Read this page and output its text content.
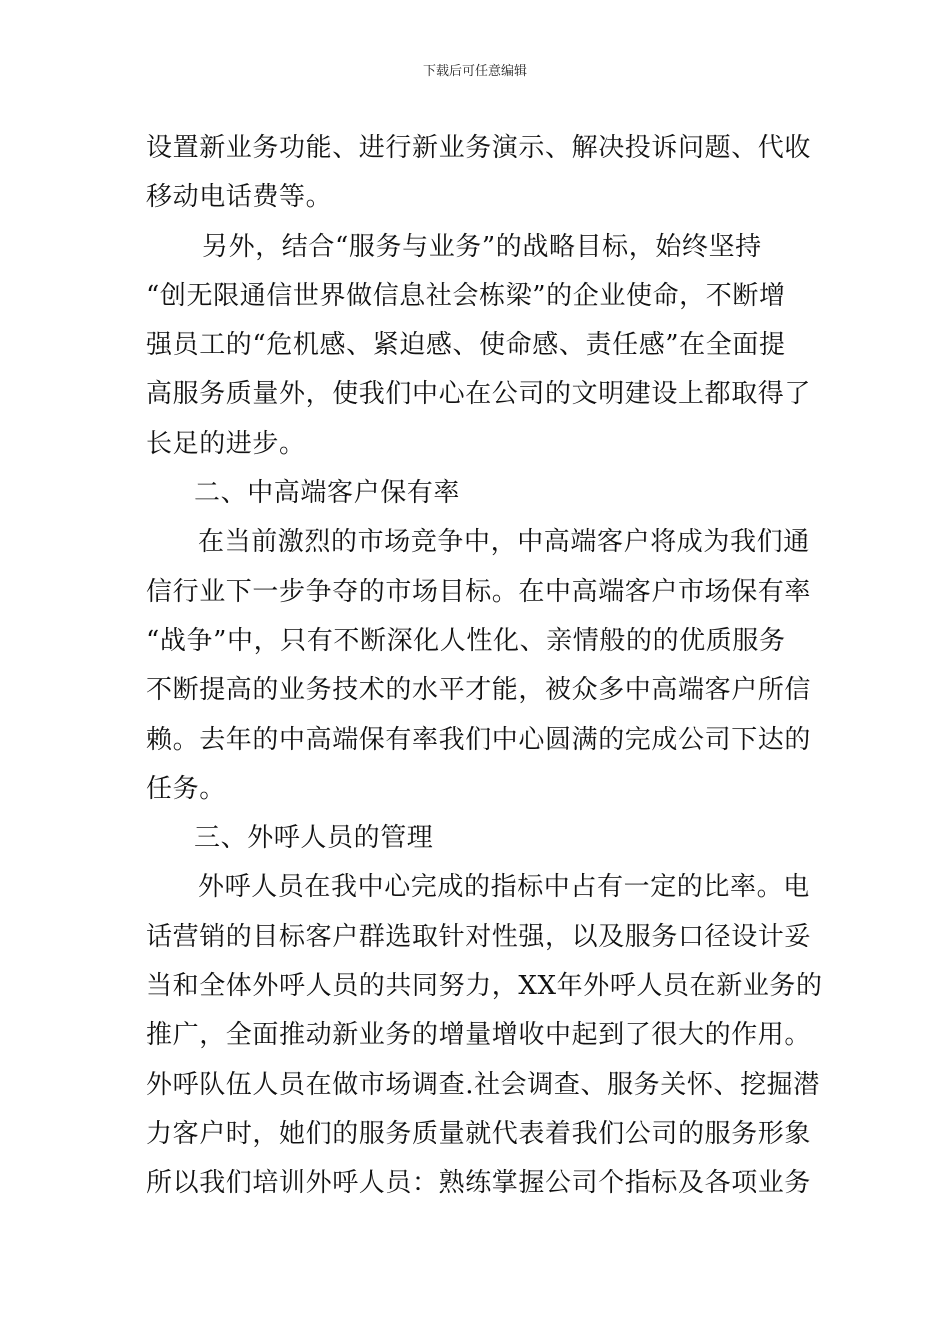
下载后可任意编辑
设置新业务功能、进行新业务演示、解决投诉问题、代收
移动电话费等。
另外，结合“服务与业务”的战略目标，始终坚持
“创无限通信世界做信息社会栋梁”的企业使命，不断增
强员工的“危机感、紧迫感、使命感、责任感”在全面提
高服务质量外，使我们中心在公司的文明建设上都取得了
长足的进步。
二、中高端客户保有率
在当前激烈的市场竞争中，中高端客户将成为我们通
信行业下一步争夺的市场目标。在中高端客户市场保有率
“战争”中，只有不断深化人性化、亲情般的的优质服务
不断提高的业务技术的水平才能，被众多中高端客户所信
赖。去年的中高端保有率我们中心圆满的完成公司下达的
任务。
三、外呼人员的管理
外呼人员在我中心完成的指标中占有一定的比率。电
话营销的目标客户群选取针对性强，以及服务口径设计妥
当和全体外呼人员的共同努力，XX年外呼人员在新业务的
推广，全面推动新业务的增量增收中起到了很大的作用。
外呼队伍人员在做市场调查.社会调查、服务关怀、挖掘潜
力客户时，她们的服务质量就代表着我们公司的服务形象
所以我们培训外呼人员：熟练掌握公司个指标及各项业务
